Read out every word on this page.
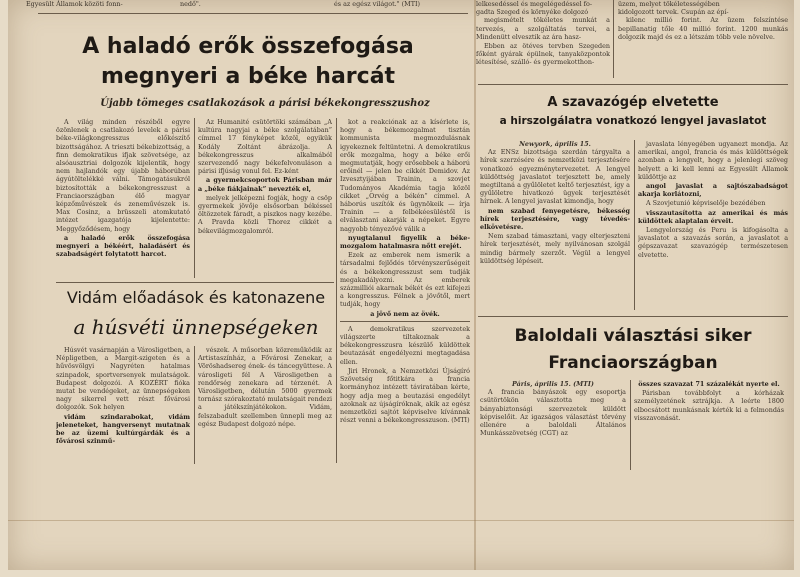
Egyesült Államok közöti fonn-	nedő".	és az egész világot." (MTI)	lelkesedéssel és megelégedéssel fo-
gadta Szeged és környéke dolgozó

megismételt tökéletes munkát a tervezés, a szolgáltatás tervei, a Mindenütt elvesztik az ára hasz-

Ebben az ötéves tervben Szegeden főként gyárak épülnek, tanyaközpontok létesítésé, szálló- és gyermekotthon-

üzem, melyet tökéletességében
kidolgozott tervek. Csupán az épí-

kilenc millió forint. Az üzem felszíntése bepillanatig tőle 40 millió forint. 1200 munkás dolgozik majd és ez a létszám több vele növelve.

A haladó erők összefogása
megnyeri a béke harcát
Újabb tömeges csatlakozások a párisi békekongresszushoz

A világ minden részéből egyre özönlenek a csatlakozó levelek a párisi béke-világkongresszus előkészítő bizottságához. A trieszti békebizottság, a finn demokratikus ifjak szövetsége, az alsóausztriai dolgozók kijelentik, hogy nem hajlandók egy újabb háborúban ágyútöltelékké válni. Támogatásukról biztosították a békekongresszust a Franciaországban élő magyar képzőművészek és zeneművészek is. Max Cosinz, a brüsszeli atomkutató intézet igazgatója kijelentette: Meggyőződésem, hogy

a haladó erők összefogása megnyeri a békéért, haladásért és szabadságért folytatott harcot.

Az Humanité csütörtöki számában „A kultúra nagyjai a béke szolgálatában” címmel 17 fényképet közöl, egyikük Kodály Zoltánt ábrázolja. A békekongresszus alkalmából szervezendő nagy békefelvonuláson a párisi ifjúság vonul fel. Ez-ként

a gyermekcsoportok Párisban már a „béke fiákjainak” nevezték el,

melyek jelképezni fogják, hogy a csöp gyermekek jövője elsősorban békéssel öltözzetek fáradt, a piszkos nagy kezébe. A Pravda közli Thorez cikkét a békevilágmozgalomról.

kot a reakciónak az a kísérlete is, hogy a békemozgalmat tisztán kommunista megmozdulásnak igyekeznek feltüntetni. A demokratikus erők mozgalma, hogy a béke erői megmutatják, hogy erősebbek a háború erőinél — jelen be cikkét Demidov. Az Izvesztyijában Trainin, a szovjet Tudományos Akadémia tagja közöl cikket „Orvég a békén” címmel. A háborús uszítók és ügynökeik — írja Trainin — a felbékéesüléstől is elválasztani akarják a népeket. Egyre nagyobb tényezővé válik a

nyugtalanul figyelik a béke-mozgalom hatalmasra nőtt erejét.

Ezek az emberek nem ismerik a társadalmi fejlődés törvényszerűségeit és a békekongresszust sem tudják megakadályozni. Az emberek százmilliói akarnak békét és ezt kifejezi a kongresszus. Félnek a jövőtől, mert tudják, hogy

a jövő nem az övék.

A demokratikus szervezetek világszerte tiltakoznak a békekongresszusra készülő küldöttek beutazását engedélyezni megtagadása ellen.

Jiri Hronek, a Nemzetközi Újságíró Szövetség főtitkára a francia kormányhoz intézett táviratában kérte, hogy adja meg a beutazási engedélyt azoknak az újságíróknak, akik az egész nemzetközi sajtót képviselve kívánnak részt venni a békekongresszuson. (MTI)

Vidám előadások és katonazene
a húsvéti ünnepségeken

Húsvét vasárnapján a Városligetben, a Népligetben, a Margit-szigeten és a hűvösvölgyi Nagyréten hatalmas szinpadok, sportversenyek mulatságok. Budapest dolgozói. A KOZÉRT fióka mutat be vendégeket, az ünnepségeken nagy sikerrel vett részt fővárosi dolgozók. Sok helyen

vidám szindarabokat, vidám jeleneteket, hangversenyt mutatnak be az üzemi kultúrgárdák és a fővárosi szinmű-

vészek. A műsorban közreműködik az Artistaszínház, a Fővárosi Zenekar, a Vöröshadsereg ének- és táncegyüttese. A városligeti fél A Városligetben a rendőrség zenekara ad térzenét. A Városligetben, délután 5000 gyermek tornász szórakoztató mulatságait rendezi a játékszínjátékokon. Vidám, felszabadult szellemben ünnepli meg az egész Budapest dolgozó népe.

A szavazógép elvetette
a hirszolgálatra vonatkozó lengyel javaslatot
Newyork, április 15.

Az ENSz bizottsága szerdán tárgyalta a hírek szerzésére és nemzetközi terjesztésére vonatkozó egyezménytervezetet. A lengyel küldöttség javaslatot terjesztett be, amely megtiltaná a gyűlöletet keltő terjesztést, így a gyűlöletre hivatkozó ügyek terjesztését hírnek. A lengyel javaslat kimondja, hogy

nem szabad fenyegetésre, békesség hírek terjesztésére, vagy tévedés-elkövetésre.

Nem szabad támasztani, vagy elterjeszteni hírek terjesztését, mely nyilvánosan szolgál mindig bármely szerzőt. Végül a lengyel küldöttség lépéseit.

javaslata lényegében ugyanezt mondja. Az amerikai, angol, francia és más küldöttségek azonban a lengyelt, hogy a jelenlegi szöveg helyett a ki kell lenni az Egyesült Államok küldöttje az

angol javaslat a sajtószabadságot akarja korlátozni,

A Szovjetunió képviselője bezédében

visszautasította az amerikai és más küldöttek alaptalan érveit.

Lengyelország és Peru is kifogásolta a javaslatot a szavazás során, a javaslatot a gépszavazat szavazógép természetesen elvetette.

Baloldali választási siker
Franciaországban
Páris, április 15. (MTI)

A francia bányászok egy esoportja csütörtökön választotta meg a bányabiztonsági szervezetek küldött képviselőit. Az igazságos választást törvény ellenére a baloldali Általános Munkásszövetség (CGT) az

összes szavazat 71 százalékát nyerte el.

Párisban továbbfolyt a kórházak személyzetének sztrájkja. A leérte 1800 elbocsátott munkásnak kérték ki a felmondás visszavonását.
